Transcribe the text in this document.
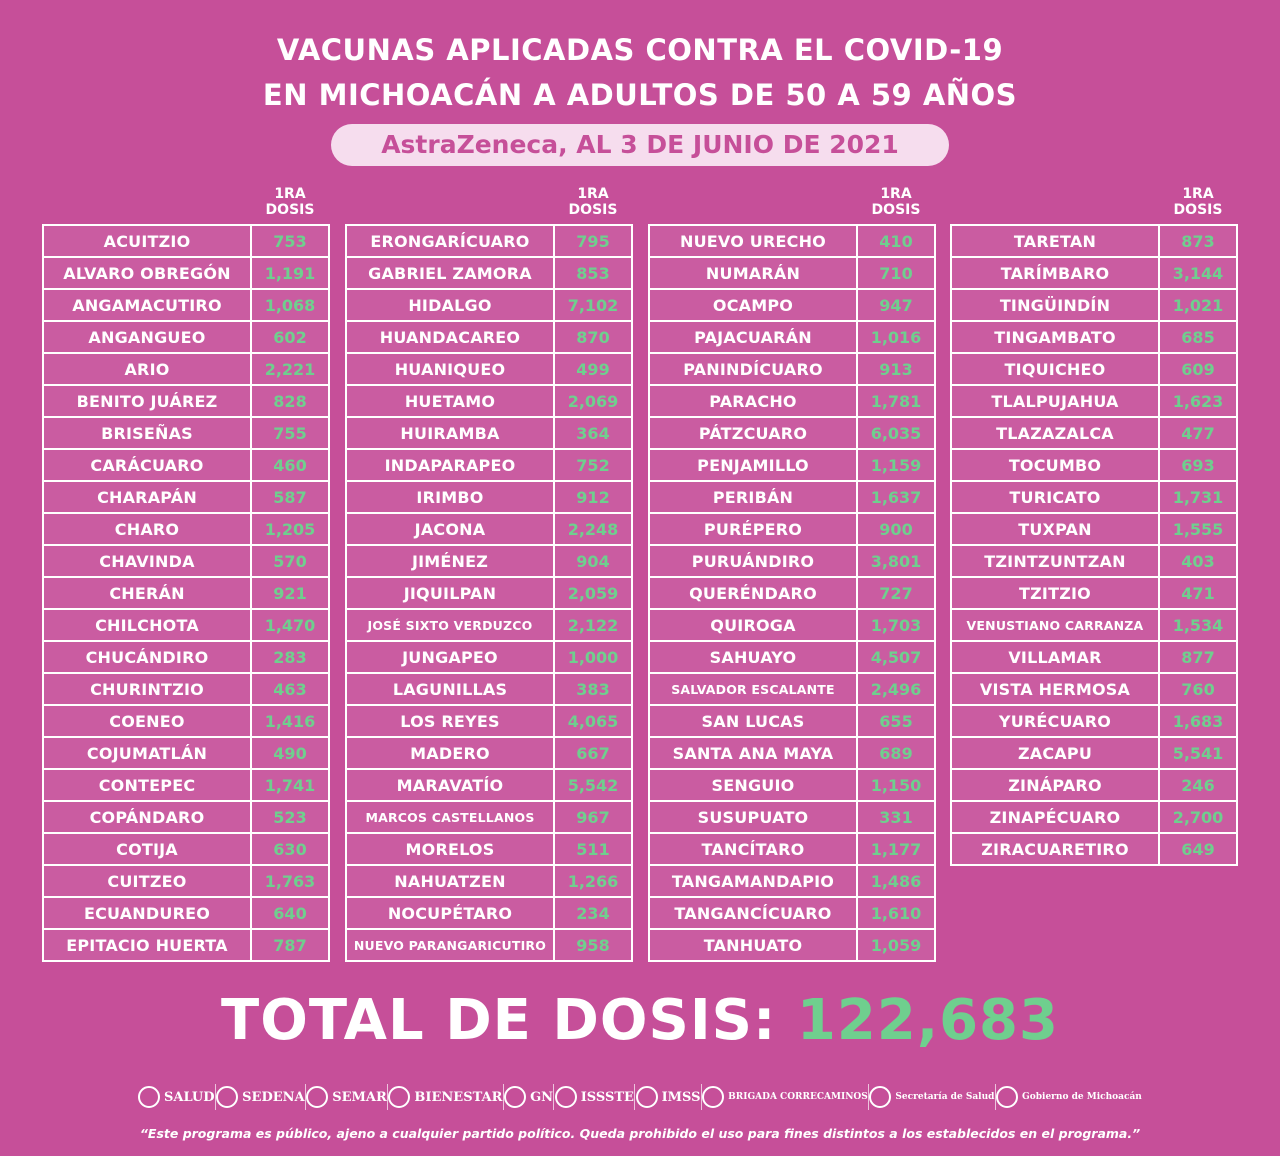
VACUNAS APLICADAS CONTRA EL COVID-19
EN MICHOACÁN A ADULTOS DE 50 A 59 AÑOS
AstraZeneca, AL 3 DE JUNIO DE 2021
1RA DOSIS
ACUITZIO	753
ALVARO OBREGÓN	1,191
ANGAMACUTIRO	1,068
ANGANGUEO	602
ARIO	2,221
BENITO JUÁREZ	828
BRISEÑAS	755
CARÁCUARO	460
CHARAPÁN	587
CHARO	1,205
CHAVINDA	570
CHERÁN	921
CHILCHOTA	1,470
CHUCÁNDIRO	283
CHURINTZIO	463
COENEO	1,416
COJUMATLÁN	490
CONTEPEC	1,741
COPÁNDARO	523
COTIJA	630
CUITZEO	1,763
ECUANDUREO	640
EPITACIO HUERTA	787
1RA DOSIS
ERONGARÍCUARO	795
GABRIEL ZAMORA	853
HIDALGO	7,102
HUANDACAREO	870
HUANIQUEO	499
HUETAMO	2,069
HUIRAMBA	364
INDAPARAPEO	752
IRIMBO	912
JACONA	2,248
JIMÉNEZ	904
JIQUILPAN	2,059
JOSÉ SIXTO VERDUZCO	2,122
JUNGAPEO	1,000
LAGUNILLAS	383
LOS REYES	4,065
MADERO	667
MARAVATÍO	5,542
MARCOS CASTELLANOS	967
MORELOS	511
NAHUATZEN	1,266
NOCUPÉTARO	234
NUEVO PARANGARICUTIRO	958
1RA DOSIS
NUEVO URECHO	410
NUMARÁN	710
OCAMPO	947
PAJACUARÁN	1,016
PANINDÍCUARO	913
PARACHO	1,781
PÁTZCUARO	6,035
PENJAMILLO	1,159
PERIBÁN	1,637
PURÉPERO	900
PURUÁNDIRO	3,801
QUERÉNDARO	727
QUIROGA	1,703
SAHUAYO	4,507
SALVADOR ESCALANTE	2,496
SAN LUCAS	655
SANTA ANA MAYA	689
SENGUIO	1,150
SUSUPUATO	331
TANCÍTARO	1,177
TANGAMANDAPIO	1,486
TANGANCÍCUARO	1,610
TANHUATO	1,059
1RA DOSIS
TARETAN	873
TARÍMBARO	3,144
TINGÜINDÍN	1,021
TINGAMBATO	685
TIQUICHEO	609
TLALPUJAHUA	1,623
TLAZAZALCA	477
TOCUMBO	693
TURICATO	1,731
TUXPAN	1,555
TZINTZUNTZAN	403
TZITZIO	471
VENUSTIANO CARRANZA	1,534
VILLAMAR	877
VISTA HERMOSA	760
YURÉCUARO	1,683
ZACAPU	5,541
ZINÁPARO	246
ZINAPÉCUARO	2,700
ZIRACUARETIRO	649
TOTAL DE DOSIS: 122,683
SALUD SEDENA SEMAR BIENESTAR GN ISSSTE IMSS	BRIGADA CORRECAMINOS	Secretaría de Salud	Gobierno de Michoacán
“Este programa es público, ajeno a cualquier partido político. Queda prohibido el uso para fines distintos a los establecidos en el programa.”
